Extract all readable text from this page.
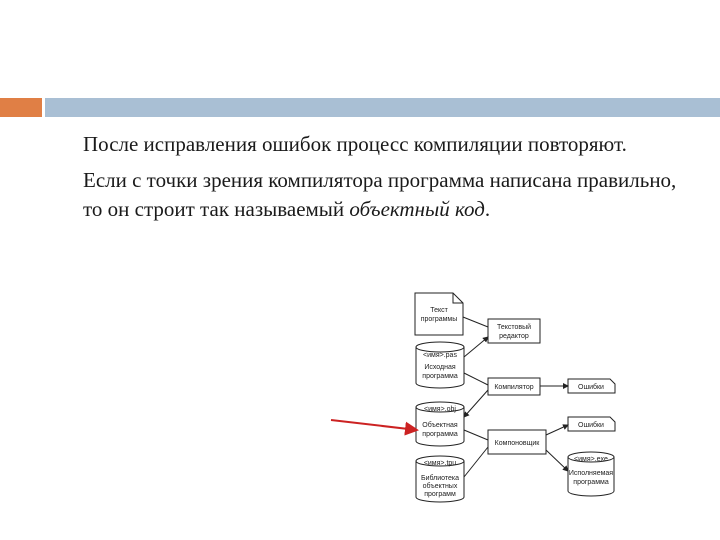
После исправления ошибок процесс компиляции повторяют.

Если с точки зрения компилятора программа написана правильно, то он строит так называемый объектный код.

Текст
программы
Текстовый
редактор
<имя>.pas
Исходная
программа
Компилятор	Ошибки
<имя>.obj
Объектная
программа
Ошибки
Компоновщик
<имя>.tpu
Библиотека
объектных
программ
<имя>.exe
Исполняемая
программа
